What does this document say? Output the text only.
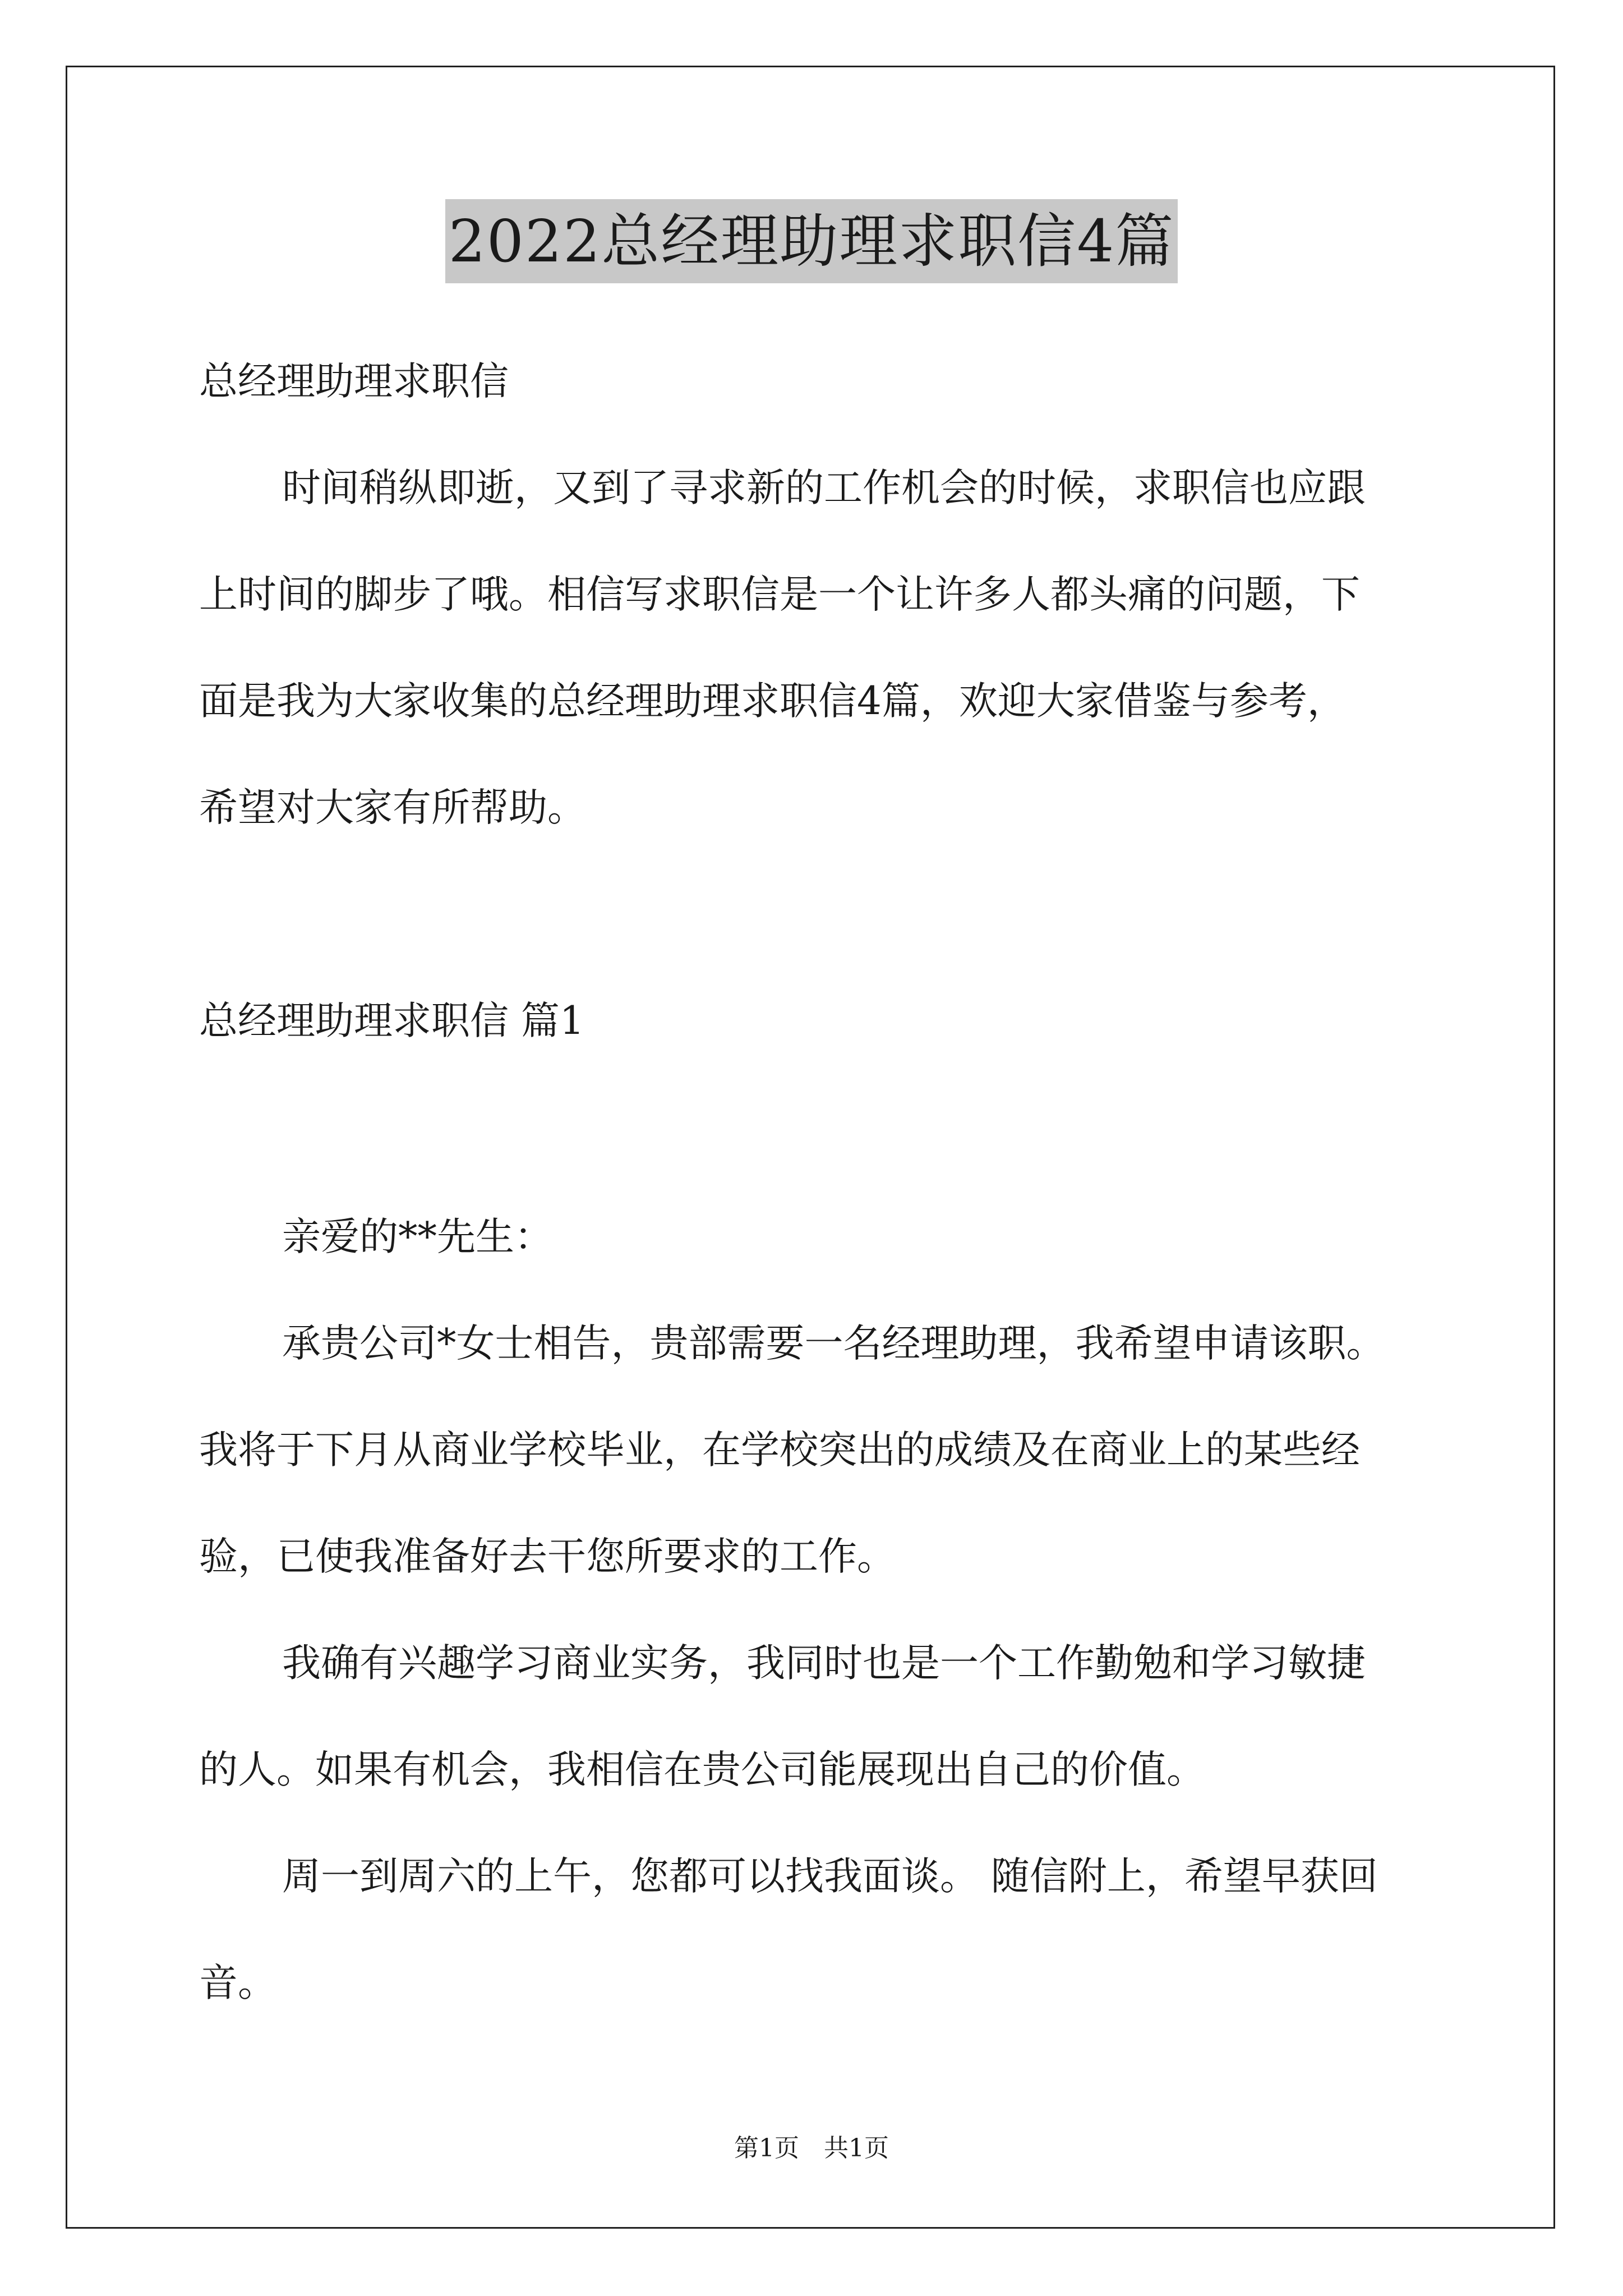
2022总经理助理求职信4篇
总经理助理求职信
时间稍纵即逝，又到了寻求新的工作机会的时候，求职信也应跟
上时间的脚步了哦。相信写求职信是一个让许多人都头痛的问题，下
面是我为大家收集的总经理助理求职信4篇，欢迎大家借鉴与参考，
希望对大家有所帮助。
总经理助理求职信 篇1
亲爱的**先生：
承贵公司*女士相告，贵部需要一名经理助理，我希望申请该职。
我将于下月从商业学校毕业，在学校突出的成绩及在商业上的某些经
验，已使我准备好去干您所要求的工作。
我确有兴趣学习商业实务，我同时也是一个工作勤勉和学习敏捷
的人。如果有机会，我相信在贵公司能展现出自己的价值。
周一到周六的上午，您都可以找我面谈。 随信附上，希望早获回
音。
第1页　共1页
